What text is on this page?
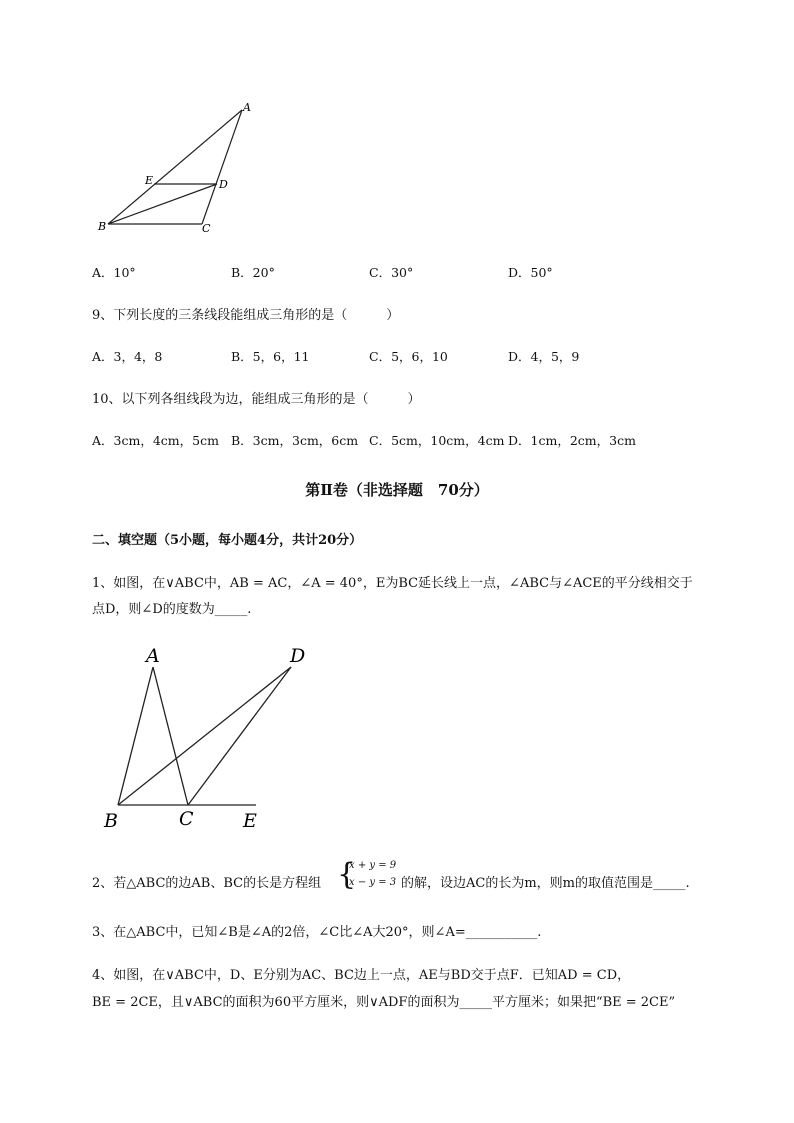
A
E	D
B	C
A．10°	B．20°	C．30°	D．50°
9、下列长度的三条线段能组成三角形的是（　　　）
A．3，4，8	B．5，6，11	C．5，6，10	D．4，5，9
10、以下列各组线段为边，能组成三角形的是（　　　）
A．3cm，4cm，5cm B．3cm，3cm，6cm C．5cm，10cm，4cm D．1cm，2cm，3cm
第Ⅱ卷（非选择题　70分）
二、填空题（5小题，每小题4分，共计20分）
1、如图，在∨ABC中，AB = AC，∠A = 40°，E为BC延长线上一点，∠ABC与∠ACE的平分线相交于
点D，则∠D的度数为_____.
A	D
B	C	E
2、若△ABC的边AB、BC的长是方程组 {
x + y = 9
x − y = 3 的解，设边AC的长为m，则m的取值范围是_____.
3、在△ABC中，已知∠B是∠A的2倍，∠C比∠A大20°，则∠A=___________.
4、如图，在∨ABC中，D、E分别为AC、BC边上一点，AE与BD交于点F．已知AD = CD，
BE = 2CE，且∨ABC的面积为60平方厘米，则∨ADF的面积为_____平方厘米；如果把“BE = 2CE”
